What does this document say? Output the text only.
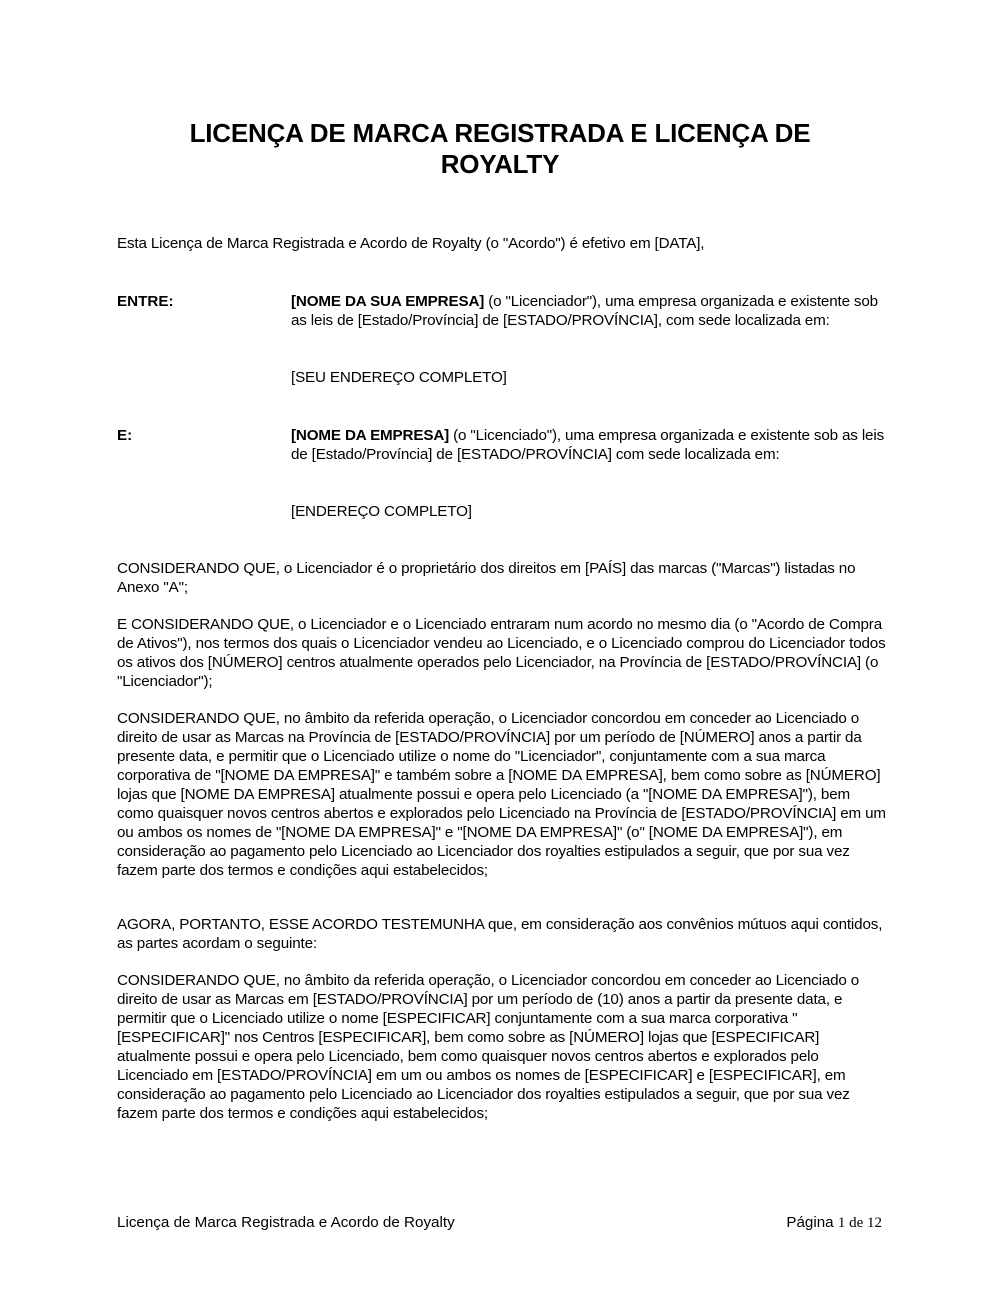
LICENÇA DE MARCA REGISTRADA E LICENÇA DE
ROYALTY
Esta Licença de Marca Registrada e Acordo de Royalty (o "Acordo") é efetivo em [DATA],
ENTRE:	[NOME DA SUA EMPRESA] (o "Licenciador"), uma empresa organizada e existente sob as leis de [Estado/Província] de [ESTADO/PROVÍNCIA], com sede localizada em:
[SEU ENDEREÇO COMPLETO]
E:	[NOME DA EMPRESA] (o "Licenciado"), uma empresa organizada e existente sob as leis de [Estado/Província] de [ESTADO/PROVÍNCIA] com sede localizada em:
[ENDEREÇO COMPLETO]
CONSIDERANDO QUE, o Licenciador é o proprietário dos direitos em [PAÍS] das marcas ("Marcas") listadas no Anexo "A";
E CONSIDERANDO QUE, o Licenciador e o Licenciado entraram num acordo no mesmo dia (o "Acordo de Compra de Ativos"), nos termos dos quais o Licenciador vendeu ao Licenciado, e o Licenciado comprou do Licenciador todos os ativos dos [NÚMERO] centros atualmente operados pelo Licenciador, na Província de [ESTADO/PROVÍNCIA] (o "Licenciador");
CONSIDERANDO QUE, no âmbito da referida operação, o Licenciador concordou em conceder ao Licenciado o direito de usar as Marcas na Província de [ESTADO/PROVÍNCIA] por um período de [NÚMERO] anos a partir da presente data, e permitir que o Licenciado utilize o nome do "Licenciador", conjuntamente com a sua marca corporativa de "[NOME DA EMPRESA]" e também sobre a [NOME DA EMPRESA], bem como sobre as [NÚMERO] lojas que [NOME DA EMPRESA] atualmente possui e opera pelo Licenciado (a "[NOME DA EMPRESA]"), bem como quaisquer novos centros abertos e explorados pelo Licenciado na Província de [ESTADO/PROVÍNCIA] em um ou ambos os nomes de "[NOME DA EMPRESA]" e "[NOME DA EMPRESA]" (o" [NOME DA EMPRESA]"), em consideração ao pagamento pelo Licenciado ao Licenciador dos royalties estipulados a seguir, que por sua vez fazem parte dos termos e condições aqui estabelecidos;
AGORA, PORTANTO, ESSE ACORDO TESTEMUNHA que, em consideração aos convênios mútuos aqui contidos, as partes acordam o seguinte:
CONSIDERANDO QUE, no âmbito da referida operação, o Licenciador concordou em conceder ao Licenciado o direito de usar as Marcas em [ESTADO/PROVÍNCIA] por um período de (10) anos a partir da presente data, e permitir que o Licenciado utilize o nome [ESPECIFICAR] conjuntamente com a sua marca corporativa "[ESPECIFICAR]" nos Centros [ESPECIFICAR], bem como sobre as [NÚMERO] lojas que [ESPECIFICAR] atualmente possui e opera pelo Licenciado, bem como quaisquer novos centros abertos e explorados pelo Licenciado em [ESTADO/PROVÍNCIA] em um ou ambos os nomes de [ESPECIFICAR] e [ESPECIFICAR], em consideração ao pagamento pelo Licenciado ao Licenciador dos royalties estipulados a seguir, que por sua vez fazem parte dos termos e condições aqui estabelecidos;
Licença de Marca Registrada e Acordo de Royalty	Página 1 de 12
